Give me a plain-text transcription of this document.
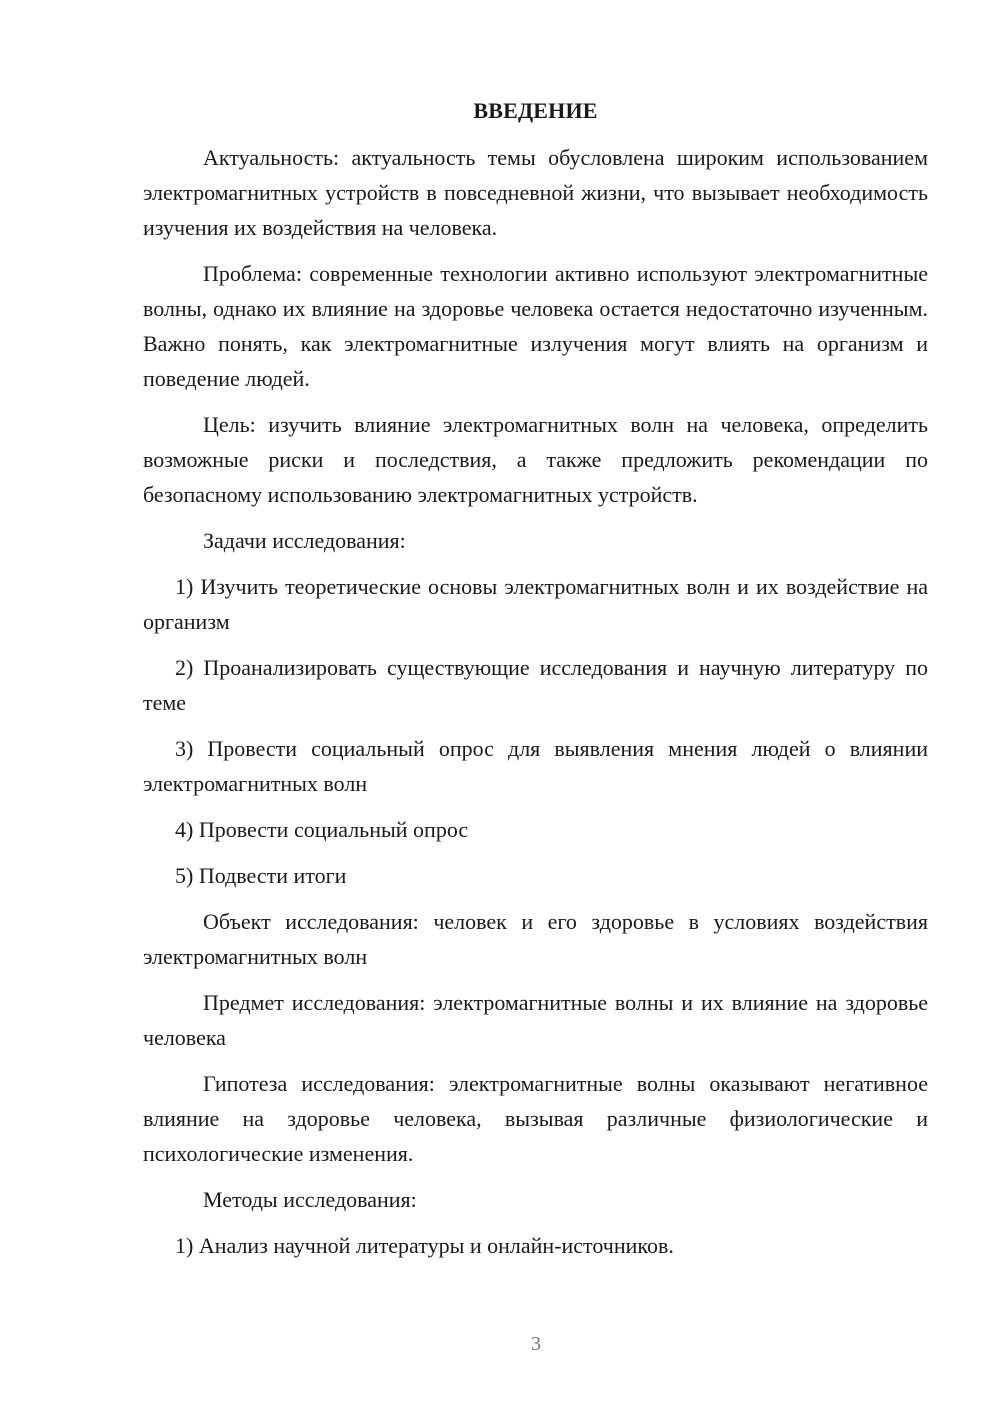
ВВЕДЕНИЕ

Актуальность: актуальность темы обусловлена широким использованием электромагнитных устройств в повседневной жизни, что вызывает необходимость изучения их воздействия на человека.

Проблема: современные технологии активно используют электромагнитные волны, однако их влияние на здоровье человека остается недостаточно изученным. Важно понять, как электромагнитные излучения могут влиять на организм и поведение людей.

Цель: изучить влияние электромагнитных волн на человека, определить возможные риски и последствия, а также предложить рекомендации по безопасному использованию электромагнитных устройств.

Задачи исследования:

1) Изучить теоретические основы электромагнитных волн и их воздействие на организм

2) Проанализировать существующие исследования и научную литературу по теме

3) Провести социальный опрос для выявления мнения людей о влиянии электромагнитных волн

4) Провести социальный опрос

5) Подвести итоги

Объект исследования: человек и его здоровье в условиях воздействия электромагнитных волн

Предмет исследования: электромагнитные волны и их влияние на здоровье человека

Гипотеза исследования: электромагнитные волны оказывают негативное влияние на здоровье человека, вызывая различные физиологические и психологические изменения.

Методы исследования:

1) Анализ научной литературы и онлайн-источников.

3
